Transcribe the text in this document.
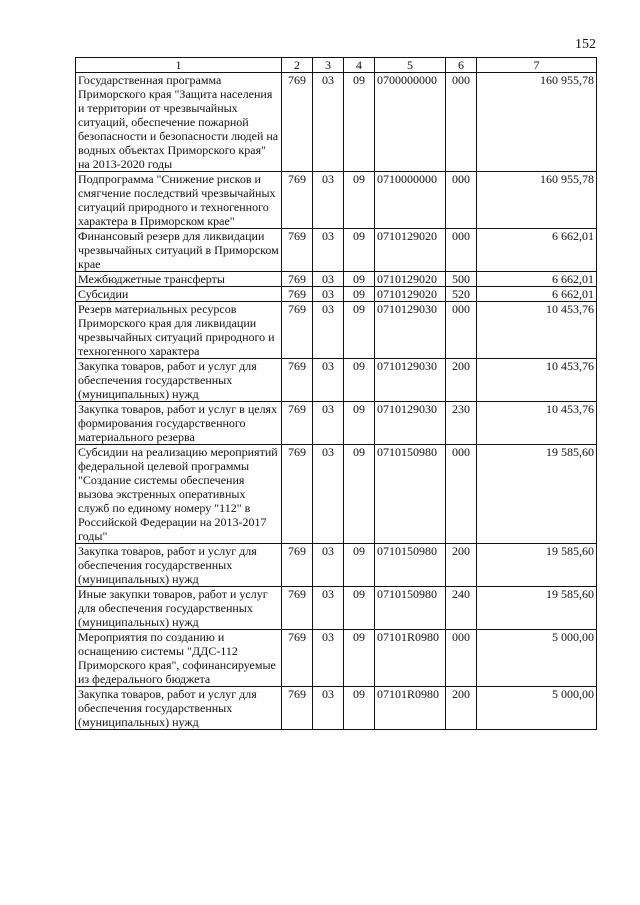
152
1	2	3	4	5	6	7
Государственная программа Приморского края "Защита населения и территории от чрезвычайных ситуаций, обеспечение пожарной безопасности и безопасности людей на водных объектах Приморского края" на 2013-2020 годы	769	03	09	0700000000	000	160 955,78
Подпрограмма "Снижение рисков и смягчение последствий чрезвычайных ситуаций природного и техногенного характера в Приморском крае"	769	03	09	0710000000	000	160 955,78
Финансовый резерв для ликвидации чрезвычайных ситуаций в Приморском крае	769	03	09	0710129020	000	6 662,01
Межбюджетные трансферты	769	03	09	0710129020	500	6 662,01
Субсидии	769	03	09	0710129020	520	6 662,01
Резерв материальных ресурсов Приморского края для ликвидации чрезвычайных ситуаций природного и техногенного характера	769	03	09	0710129030	000	10 453,76
Закупка товаров, работ и услуг для обеспечения государственных (муниципальных) нужд	769	03	09	0710129030	200	10 453,76
Закупка товаров, работ и услуг в целях формирования государственного материального резерва	769	03	09	0710129030	230	10 453,76
Субсидии на реализацию мероприятий федеральной целевой программы "Создание системы обеспечения вызова экстренных оперативных служб по единому номеру "112" в Российской Федерации на 2013-2017 годы"	769	03	09	0710150980	000	19 585,60
Закупка товаров, работ и услуг для обеспечения государственных (муниципальных) нужд	769	03	09	0710150980	200	19 585,60
Иные закупки товаров, работ и услуг для обеспечения государственных (муниципальных) нужд	769	03	09	0710150980	240	19 585,60
Мероприятия по созданию и оснащению системы "ДДС-112 Приморского края", софинансируемые из федерального бюджета	769	03	09	07101R0980	000	5 000,00
Закупка товаров, работ и услуг для обеспечения государственных (муниципальных) нужд	769	03	09	07101R0980	200	5 000,00
